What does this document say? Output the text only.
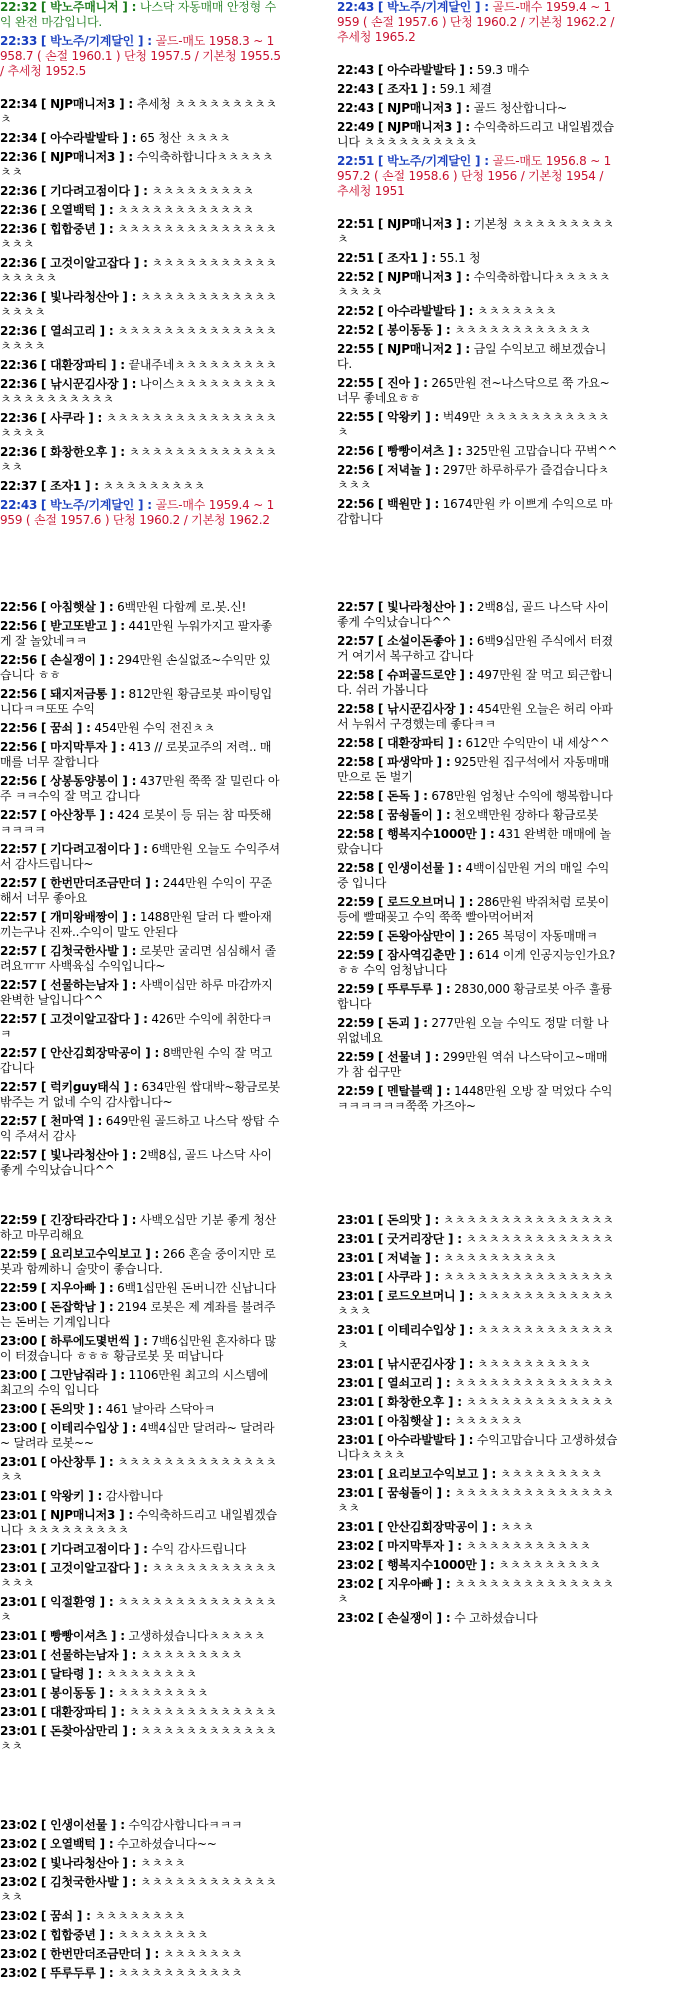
22:32 [ 박노주매니저 ] : 나스닥 자동매매 안정형 수익 완전 마감입니다.
22:33 [ 박노주/기계달인 ] : 골드-매도 1958.3 ~ 1958.7 ( 손절 1960.1 ) 단청 1957.5 / 기본청 1955.5 / 추세청 1952.5
22:34 [ NJP매니저3 ] : 추세청 ㅊㅊㅊㅊㅊㅊㅊㅊㅊㅊ
22:34 [ 아수라발발타 ] : 65 청산 ㅊㅊㅊㅊ
22:36 [ NJP매니저3 ] : 수익축하합니다ㅊㅊㅊㅊㅊㅊㅊ
22:36 [ 기다려고점이다 ] : ㅊㅊㅊㅊㅊㅊㅊㅊㅊ
22:36 [ 오열백턱 ] : ㅊㅊㅊㅊㅊㅊㅊㅊㅊㅊㅊㅊ
22:36 [ 힙합중년 ] : ㅊㅊㅊㅊㅊㅊㅊㅊㅊㅊㅊㅊㅊㅊㅊㅊㅊ
22:36 [ 고것이알고잡다 ] : ㅊㅊㅊㅊㅊㅊㅊㅊㅊㅊㅊㅊㅊㅊㅊㅊ
22:36 [ 빛나라청산아 ] : ㅊㅊㅊㅊㅊㅊㅊㅊㅊㅊㅊㅊㅊㅊㅊㅊ
22:36 [ 열쇠고리 ] : ㅊㅊㅊㅊㅊㅊㅊㅊㅊㅊㅊㅊㅊㅊㅊㅊㅊㅊ
22:36 [ 대환장파티 ] : 끝내주네ㅊㅊㅊㅊㅊㅊㅊㅊㅊ
22:36 [ 낚시꾼김사장 ] : 나이스ㅊㅊㅊㅊㅊㅊㅊㅊㅊㅊㅊㅊㅊㅊㅊㅊㅊㅊㅊ
22:36 [ 사쿠라 ] : ㅊㅊㅊㅊㅊㅊㅊㅊㅊㅊㅊㅊㅊㅊㅊㅊㅊㅊㅊ
22:36 [ 화창한오후 ] : ㅊㅊㅊㅊㅊㅊㅊㅊㅊㅊㅊㅊㅊㅊㅊ
22:37 [ 조자1 ] : ㅊㅊㅊㅊㅊㅊㅊㅊㅊ
22:43 [ 박노주/기계달인 ] : 골드-매수 1959.4 ~ 1959 ( 손절 1957.6 ) 단청 1960.2 / 기본청 1962.2
22:43 [ 박노주/기계달인 ] : 골드-매수 1959.4 ~ 1959 ( 손절 1957.6 ) 단청 1960.2 / 기본청 1962.2 / 추세청 1965.2
22:43 [ 아수라발발타 ] : 59.3 매수
22:43 [ 조자1 ] : 59.1 체결
22:43 [ NJP매니저3 ] : 골드 청산합니다~
22:49 [ NJP매니저3 ] : 수익축하드리고 내일뵙겠습니다 ㅊㅊㅊㅊㅊㅊㅊㅊㅊㅊ
22:51 [ 박노주/기계달인 ] : 골드-매도 1956.8 ~ 1957.2 ( 손절 1958.6 ) 단청 1956 / 기본청 1954 / 추세청 1951
22:51 [ NJP매니저3 ] : 기본청 ㅊㅊㅊㅊㅊㅊㅊㅊㅊㅊ
22:51 [ 조자1 ] : 55.1 청
22:52 [ NJP매니저3 ] : 수익축하합니다ㅊㅊㅊㅊㅊㅊㅊㅊㅊ
22:52 [ 아수라발발타 ] : ㅊㅊㅊㅊㅊㅊㅊ
22:52 [ 봉이동동 ] : ㅊㅊㅊㅊㅊㅊㅊㅊㅊㅊㅊㅊ
22:55 [ NJP매니저2 ] : 금일 수익보고 해보겠습니다.
22:55 [ 진아 ] : 265만원 전~나스닥으로 쭉 가요~너무 좋네요ㅎㅎ
22:55 [ 악왕키 ] : 벅49만 ㅊㅊㅊㅊㅊㅊㅊㅊㅊㅊㅊㅊ
22:56 [ 빵빵이셔츠 ] : 325만원 고맙습니다 꾸벅^^
22:56 [ 저녁놀 ] : 297만 하루하루가 즐겁습니다ㅊㅊㅊㅊ
22:56 [ 백원만 ] : 1674만원 카 이쁘게 수익으로 마감합니다
22:56 [ 아침햇살 ] : 6백만원 다함께 로.봇.신!
22:56 [ 받고또받고 ] : 441만원 누워가지고 팔자좋게 잘 놀았네ㅋㅋ
22:56 [ 손실쟁이 ] : 294만원 손실없죠~수익만 있습니다 ㅎㅎ
22:56 [ 돼지저금통 ] : 812만원 황금로봇 파이팅입니다ㅋㅋ또또 수익
22:56 [ 꿈쇠 ] : 454만원 수익 전진ㅊㅊ
22:56 [ 마지막투자 ] : 413 // 로봇교주의 저력.. 매매를 너무 잘합니다
22:56 [ 상봉동양봉이 ] : 437만원 쭉쭉 잘 밀린다 아주 ㅋㅋ수익 잘 먹고 갑니다
22:57 [ 아산창투 ] : 424 로봇이 등 뒤는 참 따뜻해ㅋㅋㅋㅋ
22:57 [ 기다려고점이다 ] : 6백만원 오늘도 수익주셔서 감사드립니다~
22:57 [ 한번만더조금만더 ] : 244만원 수익이 꾸준해서 너무 좋아요
22:57 [ 개미왕배짱이 ] : 1488만원 달러 다 빨아재끼는구나 진짜..수익이 말도 안된다
22:57 [ 김첫국한사발 ] : 로봇만 굴리면 심심해서 졸려요ㅠㅠ 사백육십 수익입니다~
22:57 [ 선물하는남자 ] : 사백이십만 하루 마감까지 완벽한 날입니다^^
22:57 [ 고것이알고잡다 ] : 426만 수익에 취한다ㅋㅋ
22:57 [ 안산김회장막공이 ] : 8백만원 수익 잘 먹고 갑니다
22:57 [ 럭키guy태식 ] : 634만원 쌉대박~황금로봇 밖주는 거 없네 수익 감사합니다~
22:57 [ 천마역 ] : 649만원 골드하고 나스닥 쌍탑 수익 주셔서 감사
22:57 [ 빛나라청산아 ] : 2백8십, 골드 나스닥 사이좋게 수익났습니다^^
22:57 [ 빛나라청산아 ] : 2백8십, 골드 나스닥 사이좋게 수익났습니다^^
22:57 [ 소설이돈좋아 ] : 6백9십만원 주식에서 터졌거 여기서 복구하고 갑니다
22:58 [ 슈퍼골드로얀 ] : 497만원 잘 먹고 퇴근합니다. 쉬러 가봅니다
22:58 [ 낚시꾼김사장 ] : 454만원 오늘은 허리 아파서 누워서 구경했는데 좋다ㅋㅋ
22:58 [ 대환장파티 ] : 612만 수익만이 내 세상^^
22:58 [ 파생악마 ] : 925만원 집구석에서 자동매매만으로 돈 벌기
22:58 [ 돈독 ] : 678만원 엄청난 수익에 행복합니다
22:58 [ 꿈쇵돌이 ] : 천오백만원 장하다 황금로봇
22:58 [ 행복지수1000만 ] : 431 완벽한 매매에 놀랐습니다
22:58 [ 인생이선물 ] : 4백이십만원 거의 매일 수익 중 입니다
22:59 [ 로드오브머니 ] : 286만원 박쥐처럼 로봇이 등에 빨때꽂고 수익 쭉쭉 빨아먹어버저
22:59 [ 돈왕아삼만이 ] : 265 복덩이 자동매매ㅋ
22:59 [ 잠사역김춘만 ] : 614 이게 인공지능인가요?ㅎㅎ 수익 엄청납니다
22:59 [ 뚜루두루 ] : 2830,000 황금로봇 아주 훌륭합니다
22:59 [ 돈괴 ] : 277만원 오늘 수익도 정말 더할 나위없네요
22:59 [ 선물녀 ] : 299만원 역쉬 나스닥이고~매매가 참 쉽구만
22:59 [ 멘탈블랙 ] : 1448만원 오방 잘 먹었다 수익 ㅋㅋㅋㅋㅋㅋ쭉쭉 가즈아~
22:59 [ 긴장타라간다 ] : 사백오십만 기분 좋게 청산하고 마무리해요
22:59 [ 요리보고수익보고 ] : 266 혼술 중이지만 로봇과 함께하니 술맛이 좋습니다.
22:59 [ 지우아빠 ] : 6백1십만원 돈버니깐 신납니다
23:00 [ 돈잡학남 ] : 2194 로봇은 제 계좌를 불려주는 돈버는 기계입니다
23:00 [ 하루에도몇번씩 ] : 7백6십만원 혼자하다 많이 터졌습니다 ㅎㅎㅎ 황금로봇 못 떠납니다
23:00 [ 그만남줘라 ] : 1106만원 최고의 시스템에 최고의 수익 입니다
23:00 [ 돈의맛 ] : 461 날아라 스닥아ㅋ
23:00 [ 이테리수입상 ] : 4백4십만 달려라~ 달려라~ 달려라 로봇~~
23:01 [ 아산창투 ] : ㅊㅊㅊㅊㅊㅊㅊㅊㅊㅊㅊㅊㅊㅊㅊㅊ
23:01 [ 악왕키 ] : 감사합니다
23:01 [ NJP매니저3 ] : 수익축하드리고 내일뵙겠습니다 ㅊㅊㅊㅊㅊㅊㅊㅊㅊ
23:01 [ 기다려고점이다 ] : 수익 감사드립니다
23:01 [ 고것이알고잡다 ] : ㅊㅊㅊㅊㅊㅊㅊㅊㅊㅊㅊㅊㅊㅊ
23:01 [ 익절환영 ] : ㅊㅊㅊㅊㅊㅊㅊㅊㅊㅊㅊㅊㅊㅊㅊ
23:01 [ 빵빵이셔츠 ] : 고생하셨습니다ㅊㅊㅊㅊㅊ
23:01 [ 선물하는남자 ] : ㅊㅊㅊㅊㅊㅊㅊㅊㅊ
23:01 [ 달타령 ] : ㅊㅊㅊㅊㅊㅊㅊㅊ
23:01 [ 봉이동동 ] : ㅊㅊㅊㅊㅊㅊㅊㅊ
23:01 [ 대환장파티 ] : ㅊㅊㅊㅊㅊㅊㅊㅊㅊㅊㅊㅊㅊ
23:01 [ 돈찾아삼만리 ] : ㅊㅊㅊㅊㅊㅊㅊㅊㅊㅊㅊㅊㅊㅊ
23:01 [ 돈의맛 ] : ㅊㅊㅊㅊㅊㅊㅊㅊㅊㅊㅊㅊㅊㅊㅊ
23:01 [ 굿거리장단 ] : ㅊㅊㅊㅊㅊㅊㅊㅊㅊㅊㅊㅊㅊ
23:01 [ 저녁놀 ] : ㅊㅊㅊㅊㅊㅊㅊㅊㅊㅊ
23:01 [ 사쿠라 ] : ㅊㅊㅊㅊㅊㅊㅊㅊㅊㅊㅊㅊㅊㅊㅊ
23:01 [ 로드오브머니 ] : ㅊㅊㅊㅊㅊㅊㅊㅊㅊㅊㅊㅊㅊㅊㅊ
23:01 [ 이테리수입상 ] : ㅊㅊㅊㅊㅊㅊㅊㅊㅊㅊㅊㅊㅊ
23:01 [ 낚시꾼김사장 ] : ㅊㅊㅊㅊㅊㅊㅊㅊㅊㅊ
23:01 [ 열쇠고리 ] : ㅊㅊㅊㅊㅊㅊㅊㅊㅊㅊㅊㅊㅊㅊ
23:01 [ 화창한오후 ] : ㅊㅊㅊㅊㅊㅊㅊㅊㅊㅊㅊㅊㅊ
23:01 [ 아침햇살 ] : ㅊㅊㅊㅊㅊㅊ
23:01 [ 아수라발발타 ] : 수익고맙습니다 고생하셨습니다ㅊㅊㅊㅊ
23:01 [ 요리보고수익보고 ] : ㅊㅊㅊㅊㅊㅊㅊㅊㅊ
23:01 [ 꿈쇵돌이 ] : ㅊㅊㅊㅊㅊㅊㅊㅊㅊㅊㅊㅊㅊㅊㅊㅊ
23:01 [ 안산김회장막공이 ] : ㅊㅊㅊ
23:02 [ 마지막투자 ] : ㅊㅊㅊㅊㅊㅊㅊㅊㅊㅊㅊ
23:02 [ 행복지수1000만 ] : ㅊㅊㅊㅊㅊㅊㅊㅊㅊ
23:02 [ 지우아빠 ] : ㅊㅊㅊㅊㅊㅊㅊㅊㅊㅊㅊㅊㅊㅊㅊ
23:02 [ 손실쟁이 ] : 수 고하셨습니다
23:02 [ 인생이선물 ] : 수익감사합니다ㅋㅋㅋ
23:02 [ 오열백턱 ] : 수고하셨습니다~~
23:02 [ 빛나라청산아 ] : ㅊㅊㅊㅊ
23:02 [ 김첫국한사발 ] : ㅊㅊㅊㅊㅊㅊㅊㅊㅊㅊㅊㅊㅊㅊ
23:02 [ 꿈쇠 ] : ㅊㅊㅊㅊㅊㅊㅊㅊ
23:02 [ 힙합중년 ] : ㅊㅊㅊㅊㅊㅊㅊㅊ
23:02 [ 한번만더조금만더 ] : ㅊㅊㅊㅊㅊㅊㅊ
23:02 [ 뚜루두루 ] : ㅊㅊㅊㅊㅊㅊㅊㅊㅊㅊㅊ
